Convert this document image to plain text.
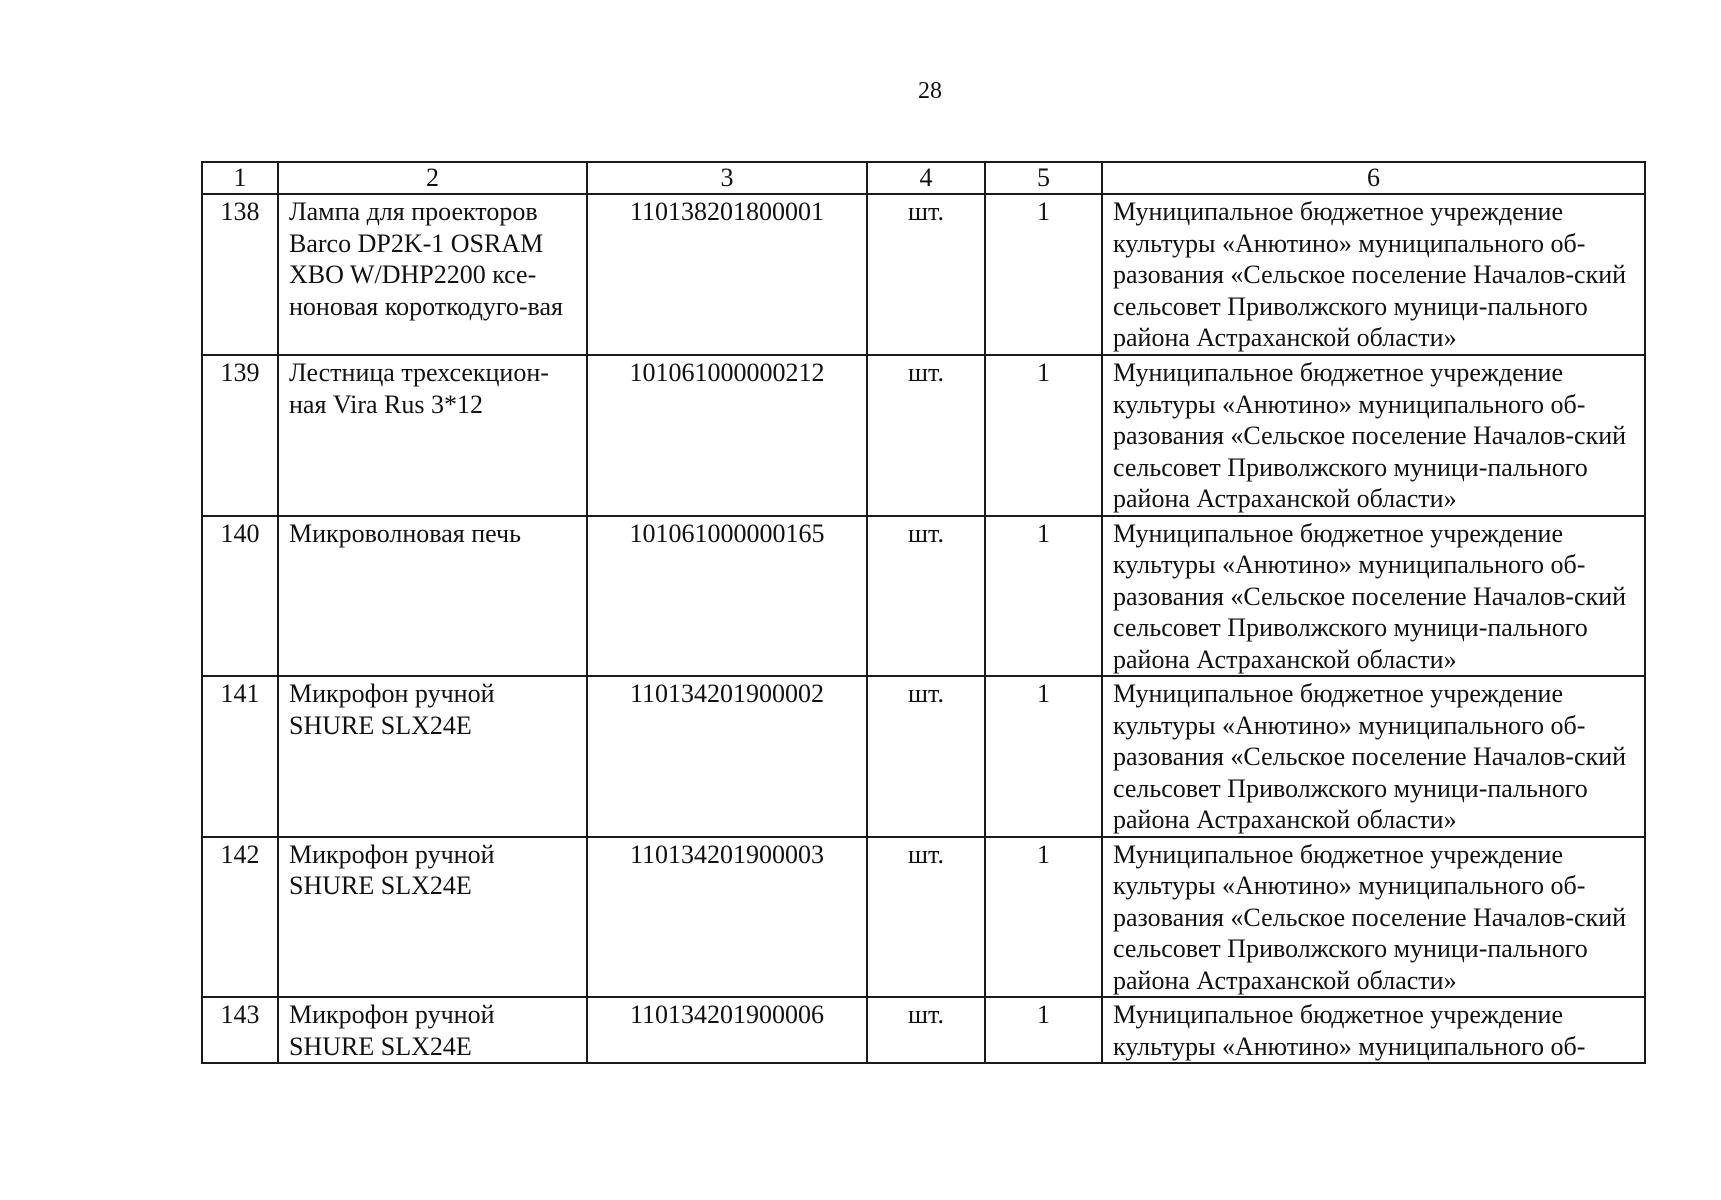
28
1	2	3	4	5	6
138	Лампа для проекторов Barco DP2K-1 OSRAM XBO W/DHP2200 ксе-ноновая короткодуго-вая	110138201800001	шт.	1	Муниципальное бюджетное учреждение культуры «Анютино» муниципального об-разования «Сельское поселение Началов-ский сельсовет Приволжского муници-пального района Астраханской области»
139	Лестница трехсекцион-ная Vira Rus 3*12	101061000000212	шт.	1	Муниципальное бюджетное учреждение культуры «Анютино» муниципального об-разования «Сельское поселение Началов-ский сельсовет Приволжского муници-пального района Астраханской области»
140	Микроволновая печь	101061000000165	шт.	1	Муниципальное бюджетное учреждение культуры «Анютино» муниципального об-разования «Сельское поселение Началов-ский сельсовет Приволжского муници-пального района Астраханской области»
141	Микрофон ручной SHURE SLX24E	110134201900002	шт.	1	Муниципальное бюджетное учреждение культуры «Анютино» муниципального об-разования «Сельское поселение Началов-ский сельсовет Приволжского муници-пального района Астраханской области»
142	Микрофон ручной SHURE SLX24E	110134201900003	шт.	1	Муниципальное бюджетное учреждение культуры «Анютино» муниципального об-разования «Сельское поселение Началов-ский сельсовет Приволжского муници-пального района Астраханской области»
143	Микрофон ручной SHURE SLX24E	110134201900006	шт.	1	Муниципальное бюджетное учреждение культуры «Анютино» муниципального об-
